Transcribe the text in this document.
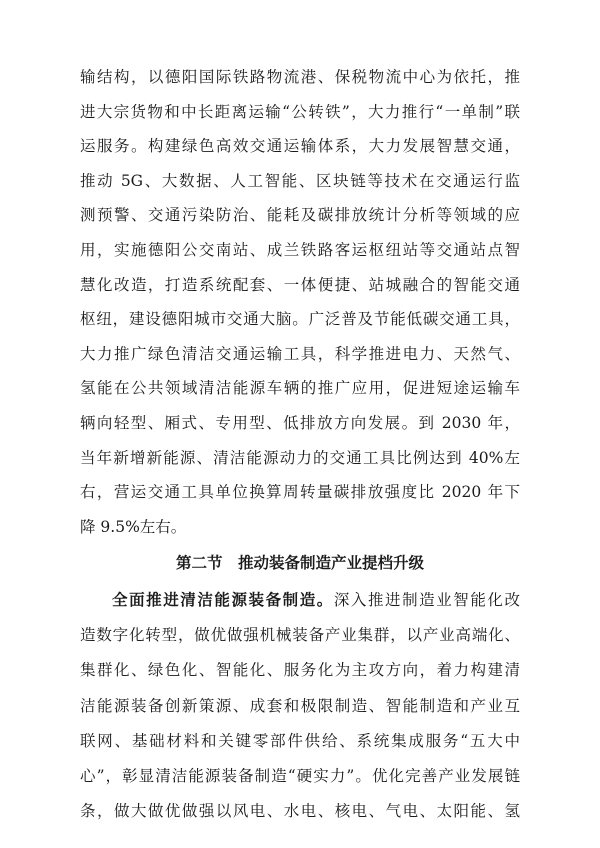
输结构，以德阳国际铁路物流港、保税物流中心为依托，推
进大宗货物和中长距离运输“公转铁”，大力推行“一单制”联
运服务。构建绿色高效交通运输体系，大力发展智慧交通，
推动 5G、大数据、人工智能、区块链等技术在交通运行监
测预警、交通污染防治、能耗及碳排放统计分析等领域的应
用，实施德阳公交南站、成兰铁路客运枢纽站等交通站点智
慧化改造，打造系统配套、一体便捷、站城融合的智能交通
枢纽，建设德阳城市交通大脑。广泛普及节能低碳交通工具，
大力推广绿色清洁交通运输工具，科学推进电力、天然气、
氢能在公共领域清洁能源车辆的推广应用，促进短途运输车
辆向轻型、厢式、专用型、低排放方向发展。到 2030 年，
当年新增新能源、清洁能源动力的交通工具比例达到 40%左
右，营运交通工具单位换算周转量碳排放强度比 2020 年下
降 9.5%左右。
第二节　推动装备制造产业提档升级
全面推进清洁能源装备制造。深入推进制造业智能化改
造数字化转型，做优做强机械装备产业集群，以产业高端化、
集群化、绿色化、智能化、服务化为主攻方向，着力构建清
洁能源装备创新策源、成套和极限制造、智能制造和产业互
联网、基础材料和关键零部件供给、系统集成服务“五大中
心”，彰显清洁能源装备制造“硬实力”。优化完善产业发展链
条，做大做优做强以风电、水电、核电、气电、太阳能、氢
